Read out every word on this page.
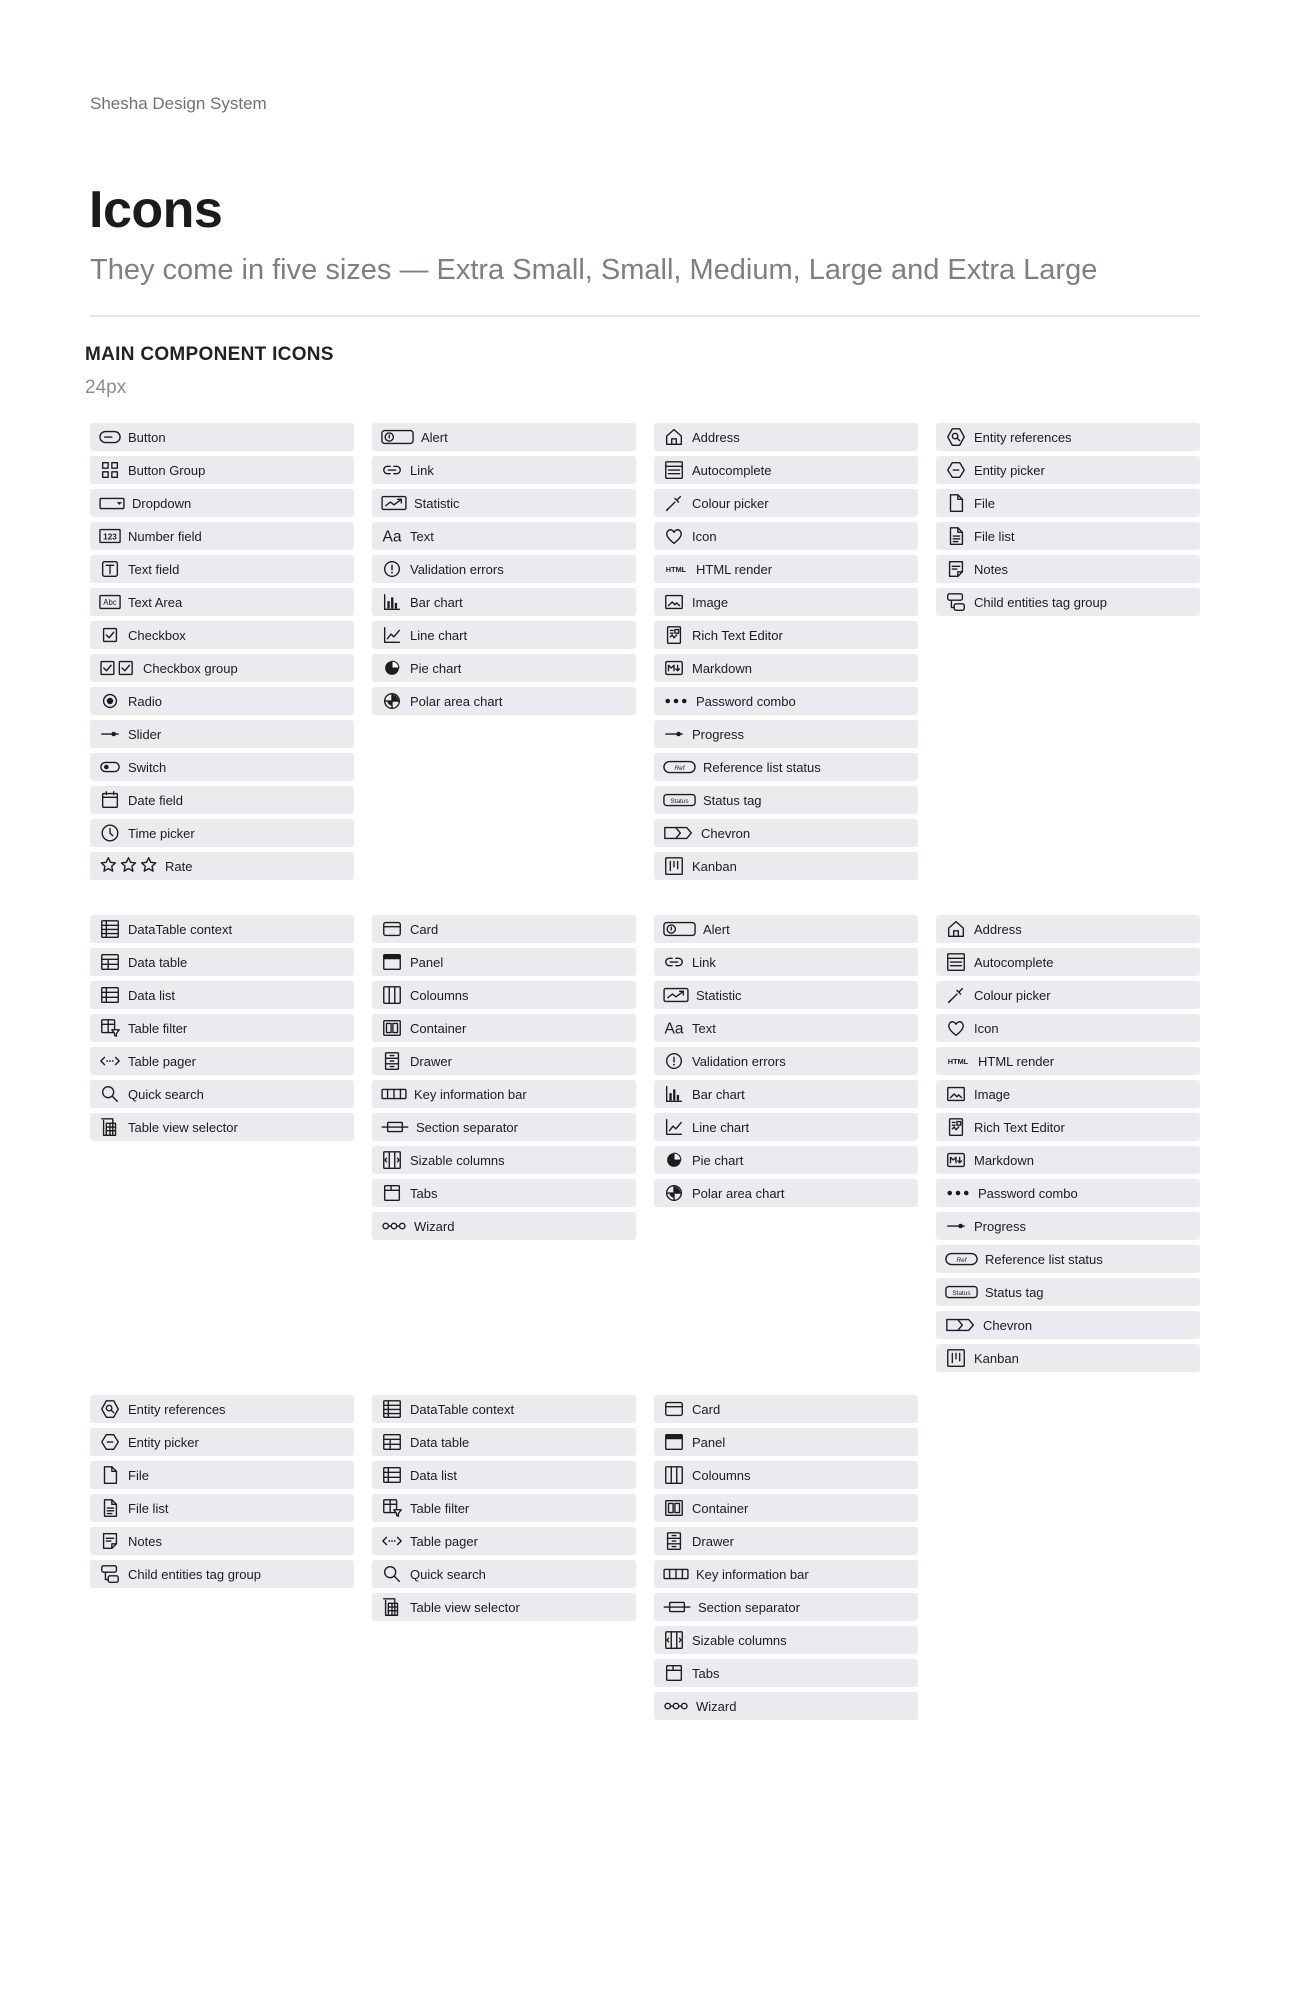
Shesha Design System
Icons
They come in five sizes — Extra Small, Small, Medium, Large and Extra Large
MAIN COMPONENT ICONS
24px
Button
Button Group
Dropdown
123 Number field
Text field
Abc Text Area
Checkbox
Checkbox group
Radio
Slider
Switch
Date field
Time picker
Rate
Alert
Link
Statistic
Aa Text
Validation errors
Bar chart
Line chart
Pie chart
Polar area chart
Address
Autocomplete
Colour picker
Icon
HTML HTML render
Image
Rich Text Editor
Markdown
Password combo
Progress
Ref Reference list status
Status Status tag
Chevron
Kanban
Entity references
Entity picker
File
File list
Notes
Child entities tag group
DataTable context
Data table
Data list
Table filter
Table pager
Quick search
Table view selector
Card
Panel
Coloumns
Container
Drawer
Key information bar
Section separator
Sizable columns
Tabs
Wizard
Alert
Link
Statistic
Aa Text
Validation errors
Bar chart
Line chart
Pie chart
Polar area chart
Address
Autocomplete
Colour picker
Icon
HTML HTML render
Image
Rich Text Editor
Markdown
Password combo
Progress
Ref Reference list status
Status Status tag
Chevron
Kanban
Entity references
Entity picker
File
File list
Notes
Child entities tag group
DataTable context
Data table
Data list
Table filter
Table pager
Quick search
Table view selector
Card
Panel
Coloumns
Container
Drawer
Key information bar
Section separator
Sizable columns
Tabs
Wizard
